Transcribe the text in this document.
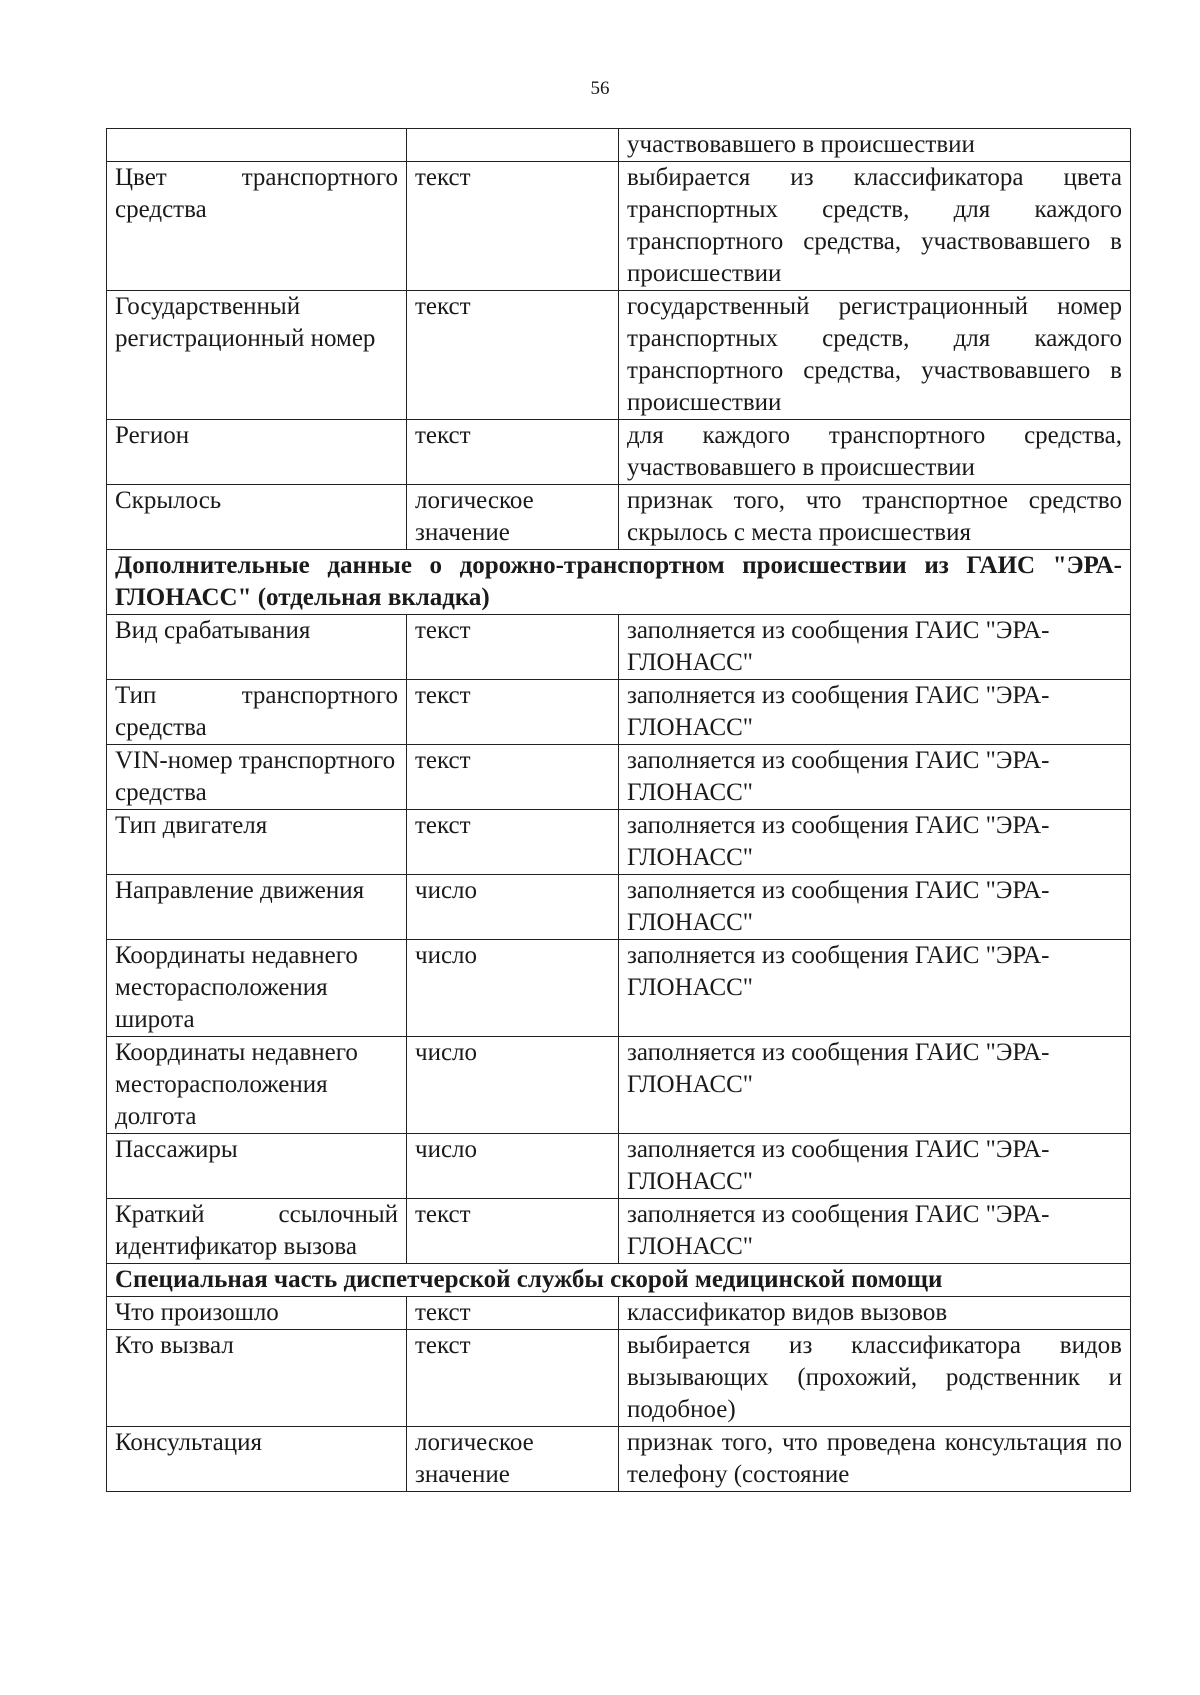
56
		участвовавшего в происшествии
Цвет транспортного средства	текст	выбирается из классификатора цвета транспортных средств, для каждого транспортного средства, участвовавшего в происшествии
Государственный регистрационный номер	текст	государственный регистрационный номер транспортных средств, для каждого транспортного средства, участвовавшего в происшествии
Регион	текст	для каждого транспортного средства, участвовавшего в происшествии
Скрылось	логическое значение	признак того, что транспортное средство скрылось с места происшествия
Дополнительные данные о дорожно-транспортном происшествии из ГАИС "ЭРА-ГЛОНАСС" (отдельная вкладка)		
Вид срабатывания	текст	заполняется из сообщения ГАИС "ЭРА-ГЛОНАСС"
Тип транспортного средства	текст	заполняется из сообщения ГАИС "ЭРА-ГЛОНАСС"
VIN-номер транспортного средства	текст	заполняется из сообщения ГАИС "ЭРА-ГЛОНАСС"
Тип двигателя	текст	заполняется из сообщения ГАИС "ЭРА-ГЛОНАСС"
Направление движения	число	заполняется из сообщения ГАИС "ЭРА-ГЛОНАСС"
Координаты недавнего месторасположения широта	число	заполняется из сообщения ГАИС "ЭРА-ГЛОНАСС"
Координаты недавнего месторасположения долгота	число	заполняется из сообщения ГАИС "ЭРА-ГЛОНАСС"
Пассажиры	число	заполняется из сообщения ГАИС "ЭРА-ГЛОНАСС"
Краткий ссылочный идентификатор вызова	текст	заполняется из сообщения ГАИС "ЭРА-ГЛОНАСС"
Специальная часть диспетчерской службы скорой медицинской помощи		
Что произошло	текст	классификатор видов вызовов
Кто вызвал	текст	выбирается из классификатора видов вызывающих (прохожий, родственник и подобное)
Консультация	логическое значение	признак того, что проведена консультация по телефону (состояние
